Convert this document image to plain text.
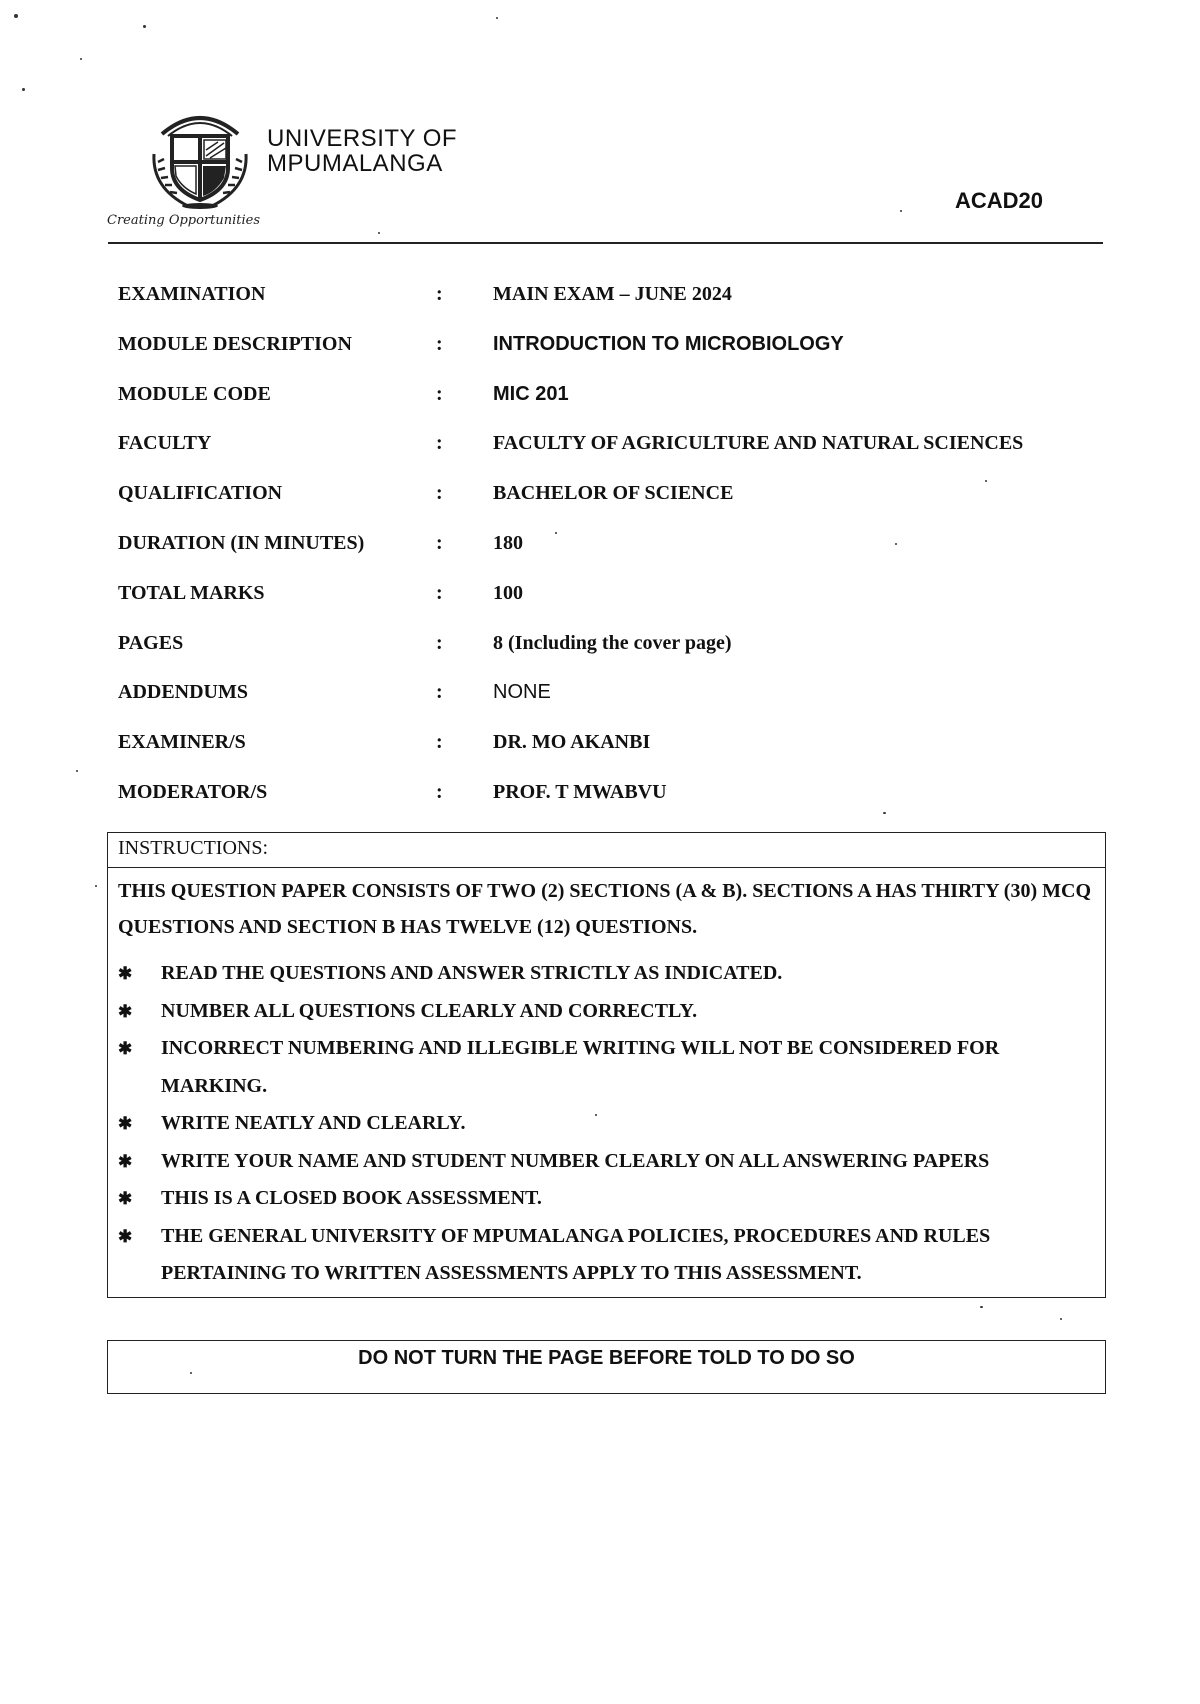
UNIVERSITY OF
MPUMALANGA
Creating Opportunities
ACAD20
EXAMINATION	:	MAIN EXAM – JUNE 2024
MODULE DESCRIPTION	:	INTRODUCTION TO MICROBIOLOGY
MODULE CODE	:	MIC 201
FACULTY	:	FACULTY OF AGRICULTURE AND NATURAL SCIENCES
QUALIFICATION	:	BACHELOR OF SCIENCE
DURATION (IN MINUTES)	:	180
TOTAL MARKS	:	100
PAGES	:	8 (Including the cover page)
ADDENDUMS	:	NONE
EXAMINER/S	:	DR. MO AKANBI
MODERATOR/S	:	PROF. T MWABVU
INSTRUCTIONS:
THIS QUESTION PAPER CONSISTS OF TWO (2) SECTIONS (A & B). SECTIONS A HAS THIRTY (30) MCQ QUESTIONS AND SECTION B HAS TWELVE (12) QUESTIONS.
✱ READ THE QUESTIONS AND ANSWER STRICTLY AS INDICATED.
✱ NUMBER ALL QUESTIONS CLEARLY AND CORRECTLY.
✱ INCORRECT NUMBERING AND ILLEGIBLE WRITING WILL NOT BE CONSIDERED FOR MARKING.
✱ WRITE NEATLY AND CLEARLY.
✱ WRITE YOUR NAME AND STUDENT NUMBER CLEARLY ON ALL ANSWERING PAPERS
✱ THIS IS A CLOSED BOOK ASSESSMENT.
✱ THE GENERAL UNIVERSITY OF MPUMALANGA POLICIES, PROCEDURES AND RULES PERTAINING TO WRITTEN ASSESSMENTS APPLY TO THIS ASSESSMENT.
DO NOT TURN THE PAGE BEFORE TOLD TO DO SO
